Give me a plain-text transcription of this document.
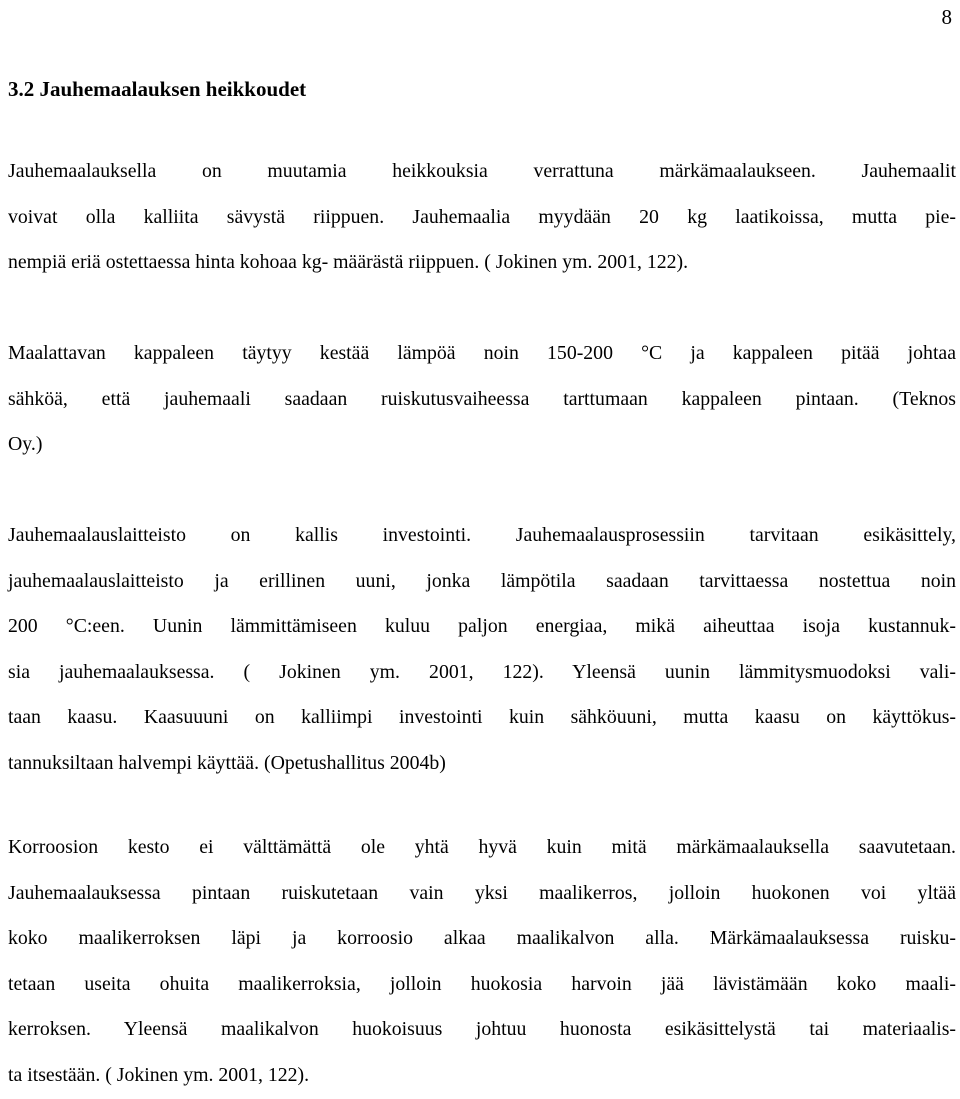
8
3.2 Jauhemaalauksen heikkoudet

Jauhemaalauksella on muutamia heikkouksia verrattuna märkämaalaukseen. Jauhemaalit
voivat olla kalliita sävystä riippuen. Jauhemaalia myydään 20 kg laatikoissa, mutta pie-
nempiä eriä ostettaessa hinta kohoaa kg- määrästä riippuen. ( Jokinen ym. 2001, 122).

Maalattavan kappaleen täytyy kestää lämpöä noin 150-200 °C ja kappaleen pitää johtaa
sähköä, että jauhemaali saadaan ruiskutusvaiheessa tarttumaan kappaleen pintaan. (Teknos
Oy.)

Jauhemaalauslaitteisto on kallis investointi. Jauhemaalausprosessiin tarvitaan esikäsittely,
jauhemaalauslaitteisto ja erillinen uuni, jonka lämpötila saadaan tarvittaessa nostettua noin
200 °C:een. Uunin lämmittämiseen kuluu paljon energiaa, mikä aiheuttaa isoja kustannuk-
sia jauhemaalauksessa. ( Jokinen ym. 2001, 122). Yleensä uunin lämmitysmuodoksi vali-
taan kaasu. Kaasuuuni on kalliimpi investointi kuin sähköuuni, mutta kaasu on käyttökus-
tannuksiltaan halvempi käyttää. (Opetushallitus 2004b)

Korroosion kesto ei välttämättä ole yhtä hyvä kuin mitä märkämaalauksella saavutetaan.
Jauhemaalauksessa pintaan ruiskutetaan vain yksi maalikerros, jolloin huokonen voi yltää
koko maalikerroksen läpi ja korroosio alkaa maalikalvon alla. Märkämaalauksessa ruisku-
tetaan useita ohuita maalikerroksia, jolloin huokosia harvoin jää lävistämään koko maali-
kerroksen. Yleensä maalikalvon huokoisuus johtuu huonosta esikäsittelystä tai materiaalis-
ta itsestään. ( Jokinen ym. 2001, 122).
